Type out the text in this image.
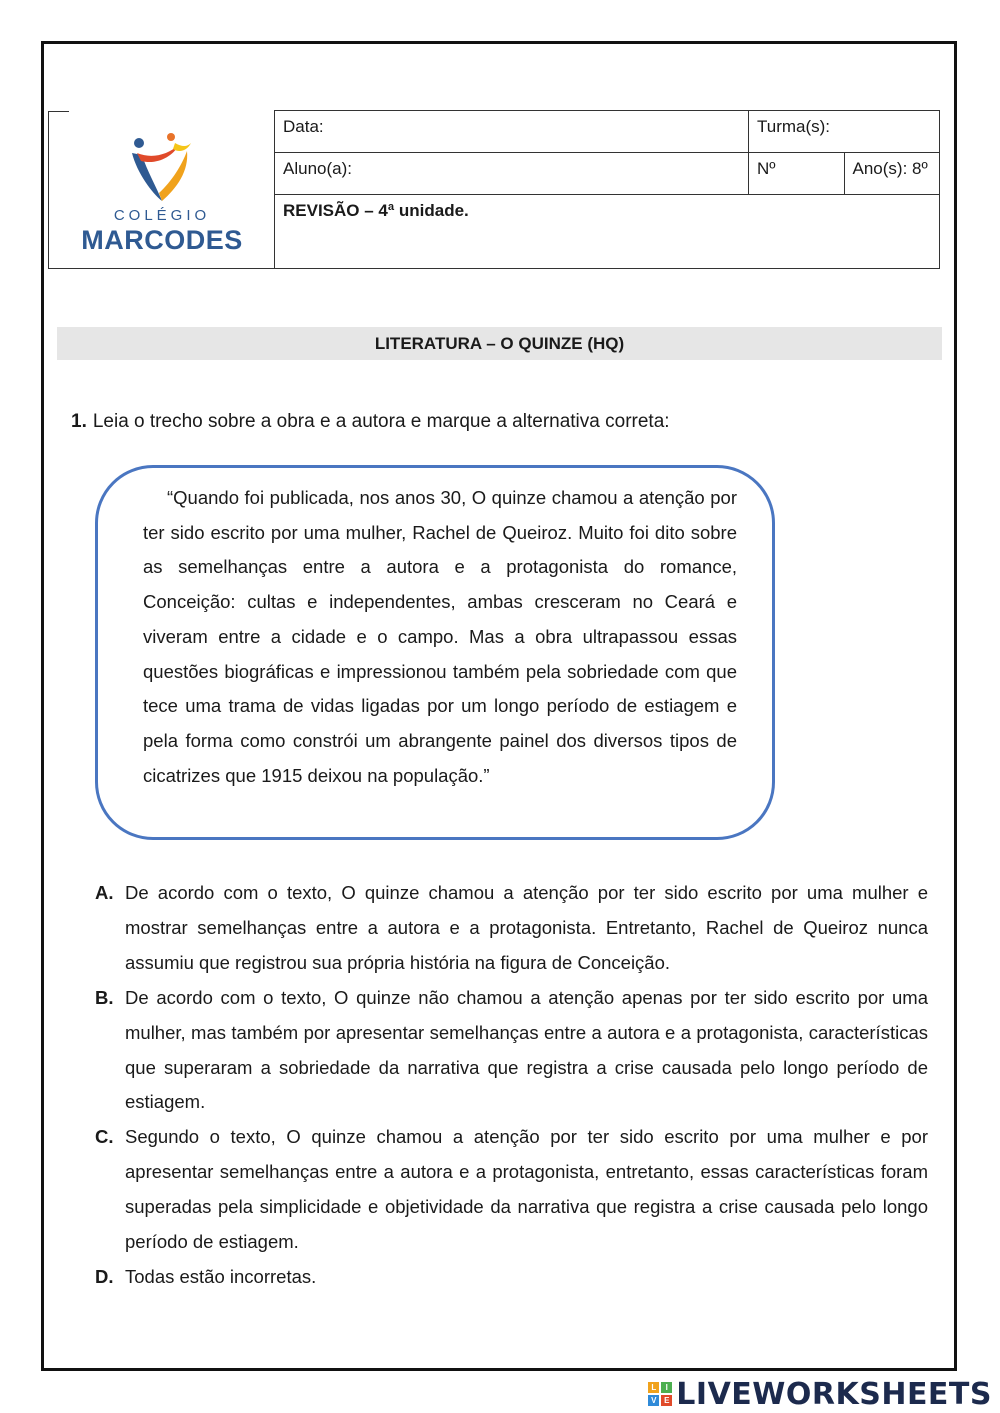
COLÉGIO
MARCODES	Data:	Turma(s):	
	Aluno(a):	Nº	Ano(s): 8º
	REVISÃO – 4ª unidade.		
LITERATURA – O QUINZE (HQ)
1. Leia o trecho sobre a obra e a autora e marque a alternativa correta:
“Quando foi publicada, nos anos 30, O quinze chamou a atenção por ter sido escrito por uma mulher, Rachel de Queiroz. Muito foi dito sobre as semelhanças entre a autora e a protagonista do romance, Conceição: cultas e independentes, ambas cresceram no Ceará e viveram entre a cidade e o campo. Mas a obra ultrapassou essas questões biográficas e impressionou também pela sobriedade com que tece uma trama de vidas ligadas por um longo período de estiagem e pela forma como constrói um abrangente painel dos diversos tipos de cicatrizes que 1915 deixou na população.”
A. De acordo com o texto, O quinze chamou a atenção por ter sido escrito por uma mulher e mostrar semelhanças entre a autora e a protagonista. Entretanto, Rachel de Queiroz nunca assumiu que registrou sua própria história na figura de Conceição.
B. De acordo com o texto, O quinze não chamou a atenção apenas por ter sido escrito por uma mulher, mas também por apresentar semelhanças entre a autora e a protagonista, características que superaram a sobriedade da narrativa que registra a crise causada pelo longo período de estiagem.
C. Segundo o texto, O quinze chamou a atenção por ter sido escrito por uma mulher e por apresentar semelhanças entre a autora e a protagonista, entretanto, essas características foram superadas pela simplicidade e objetividade da narrativa que registra a crise causada pelo longo período de estiagem.
D. Todas estão incorretas.
L	I
V E LIVEWORKSHEETS
